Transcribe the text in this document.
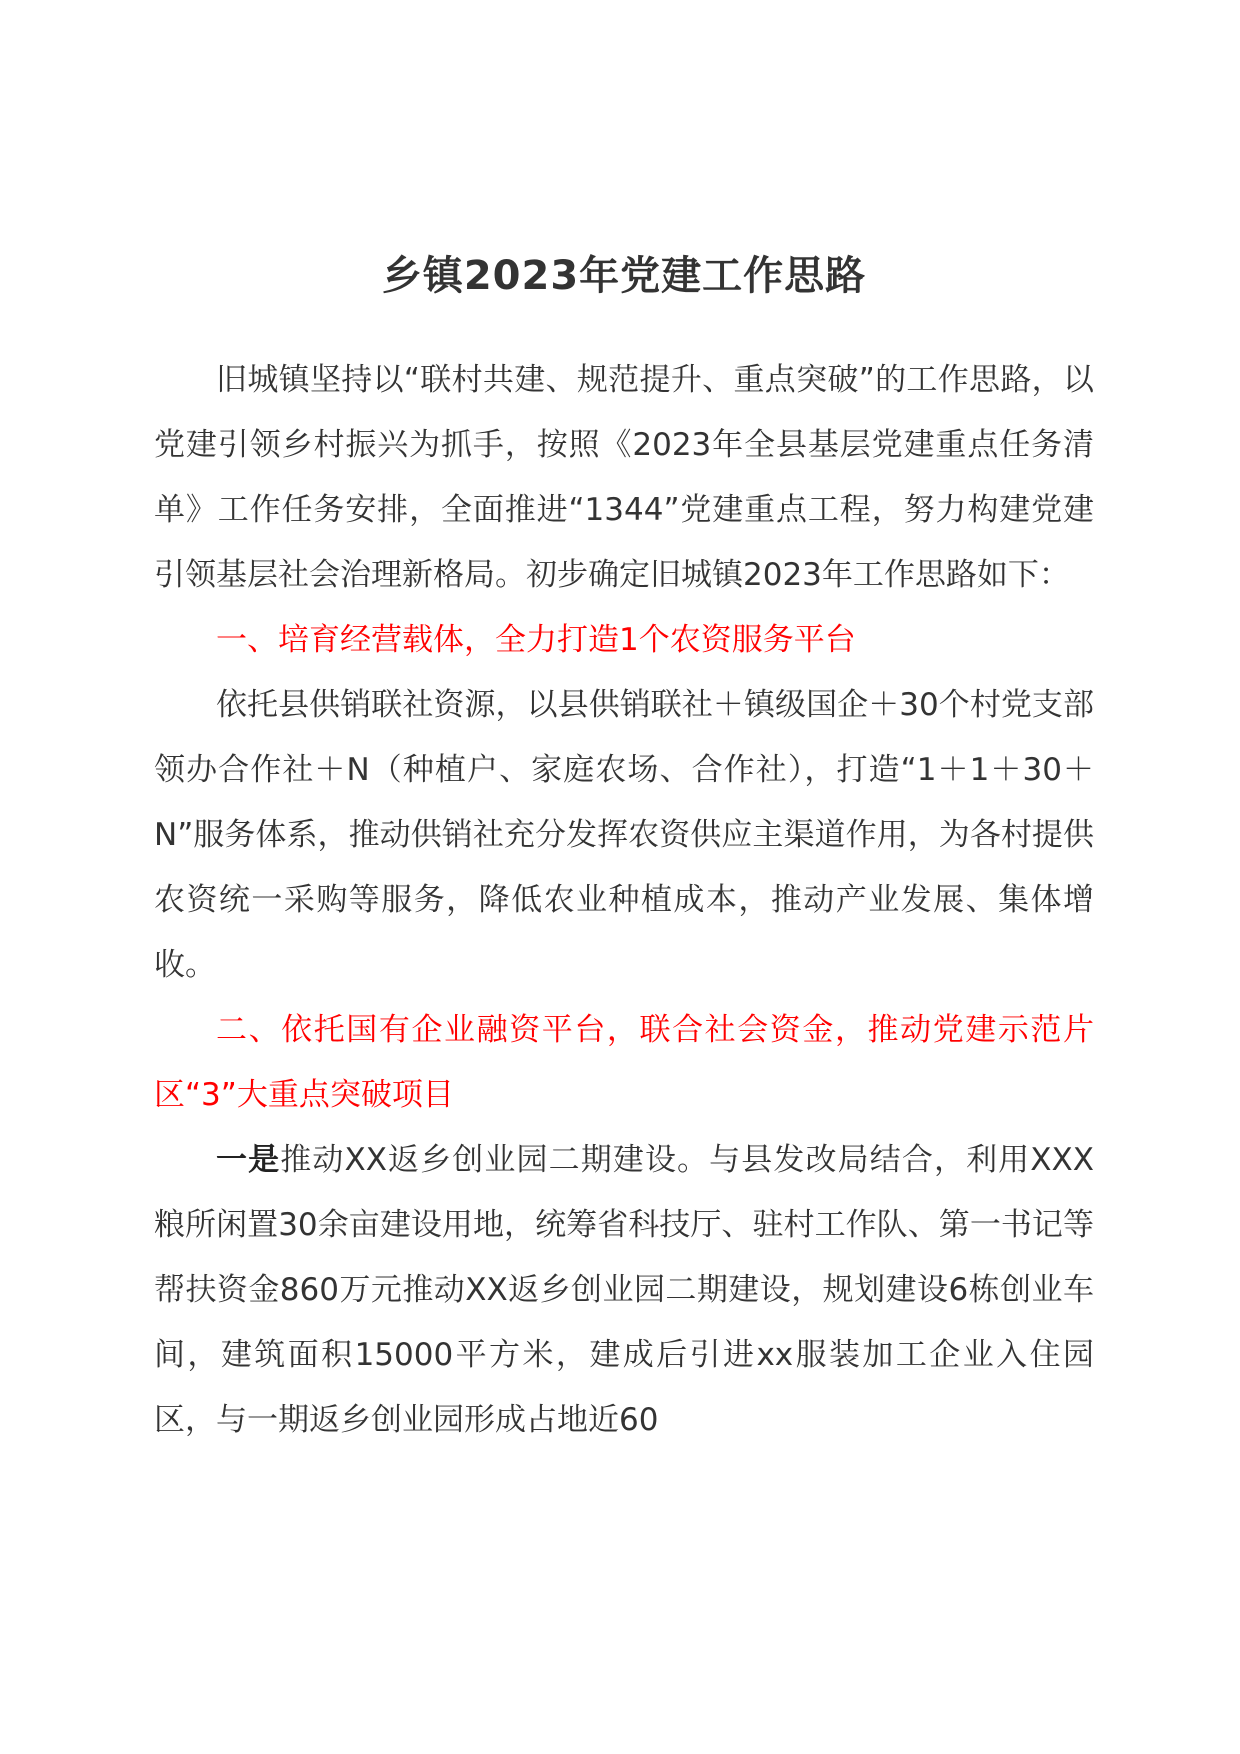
乡镇2023年党建工作思路

旧城镇坚持以“联村共建、规范提升、重点突破”的工作思路，以党建引领乡村振兴为抓手，按照《2023年全县基层党建重点任务清单》工作任务安排，全面推进“1344”党建重点工程，努力构建党建引领基层社会治理新格局。初步确定旧城镇2023年工作思路如下：

一、培育经营载体，全力打造1个农资服务平台

依托县供销联社资源，以县供销联社＋镇级国企＋30个村党支部领办合作社＋N（种植户、家庭农场、合作社），打造“1＋1＋30＋N”服务体系，推动供销社充分发挥农资供应主渠道作用，为各村提供农资统一采购等服务，降低农业种植成本，推动产业发展、集体增收。

二、依托国有企业融资平台，联合社会资金，推动党建示范片区“3”大重点突破项目

一是推动XX返乡创业园二期建设。与县发改局结合，利用XXX粮所闲置30余亩建设用地，统筹省科技厅、驻村工作队、第一书记等帮扶资金860万元推动XX返乡创业园二期建设，规划建设6栋创业车间，建筑面积15000平方米，建成后引进xx服装加工企业入住园区，与一期返乡创业园形成占地近60
